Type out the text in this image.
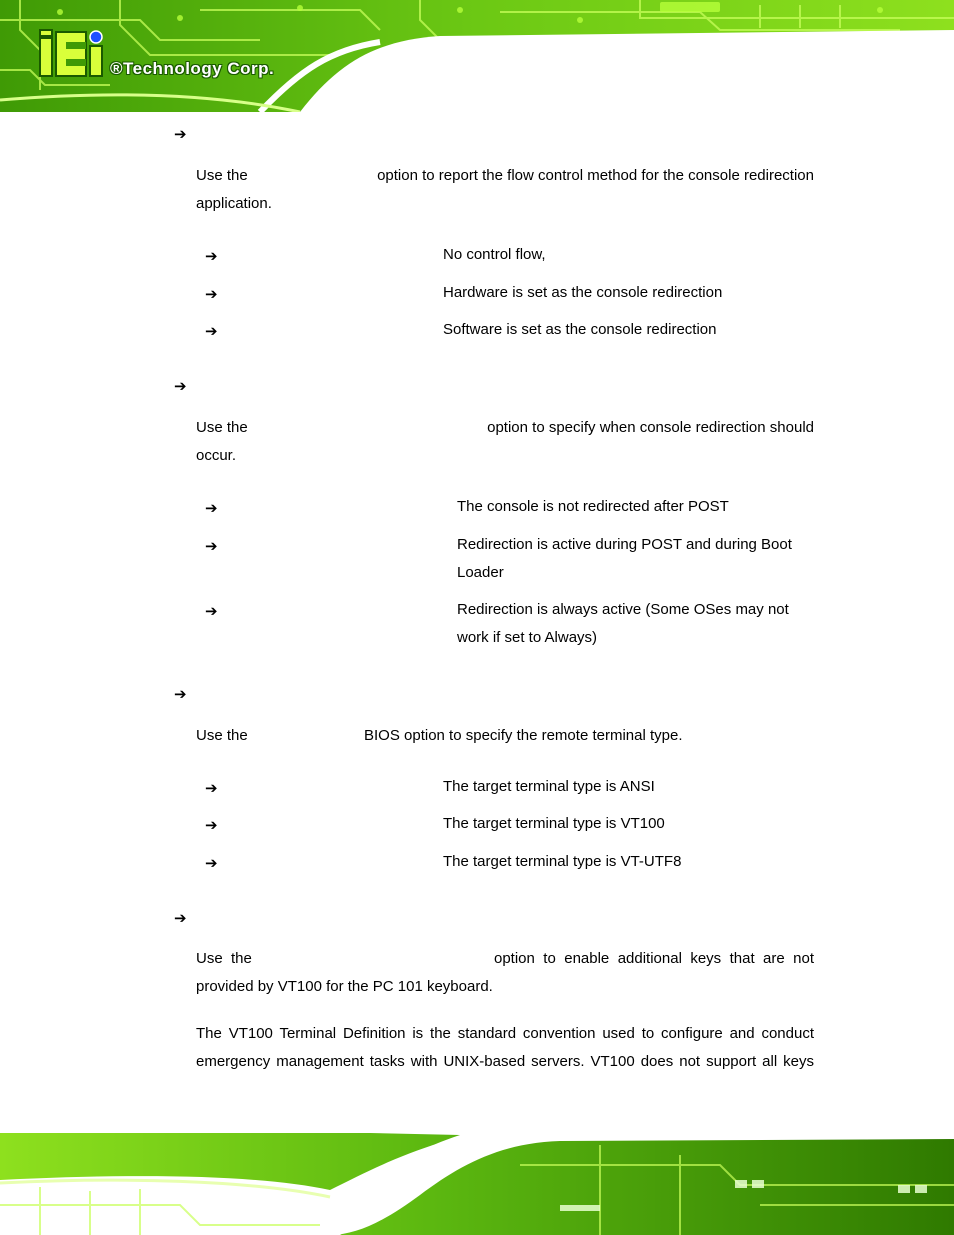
®Technology Corp.
➔
Use the	option to report the flow control method for the console redirection
application.
➔	No control flow,
➔	Hardware is set as the console redirection
➔	Software is set as the console redirection
➔
Use the	option to specify when console redirection should
occur.
➔	The console is not redirected after POST
➔	Redirection is active during POST and during Boot
Loader
➔	Redirection is always active (Some OSes may not
work if set to Always)
➔
Use the	BIOS option to specify the remote terminal type.
➔	The target terminal type is ANSI
➔	The target terminal type is VT100
➔	The target terminal type is VT-UTF8
➔
Use the	option to enable additional keys that are not
provided by VT100 for the PC 101 keyboard.
The VT100 Terminal Definition is the standard convention used to configure and conduct
emergency management tasks with UNIX-based servers. VT100 does not support all keys
